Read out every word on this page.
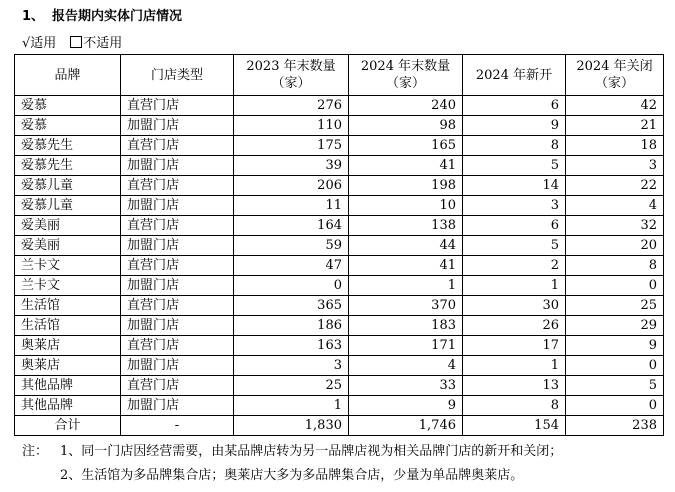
1、 报告期内实体门店情况
√适用 不适用
品牌	门店类型	2023 年末数量（家）	2024 年末数量（家）	2024 年新开	2024 年关闭（家）
爱慕	直营门店	276	240	6	42
爱慕	加盟门店	110	98	9	21
爱慕先生	直营门店	175	165	8	18
爱慕先生	加盟门店	39	41	5	3
爱慕儿童	直营门店	206	198	14	22
爱慕儿童	加盟门店	11	10	3	4
爱美丽	直营门店	164	138	6	32
爱美丽	加盟门店	59	44	5	20
兰卡文	直营门店	47	41	2	8
兰卡文	加盟门店	0	1	1	0
生活馆	直营门店	365	370	30	25
生活馆	加盟门店	186	183	26	29
奥莱店	直营门店	163	171	17	9
奥莱店	加盟门店	3	4	1	0
其他品牌	直营门店	25	33	13	5
其他品牌	加盟门店	1	9	8	0
合计	-	1,830	1,746	154	238
注： 1、同一门店因经营需要，由某品牌店转为另一品牌店视为相关品牌门店的新开和关闭；
2、生活馆为多品牌集合店；奥莱店大多为多品牌集合店，少量为单品牌奥莱店。
